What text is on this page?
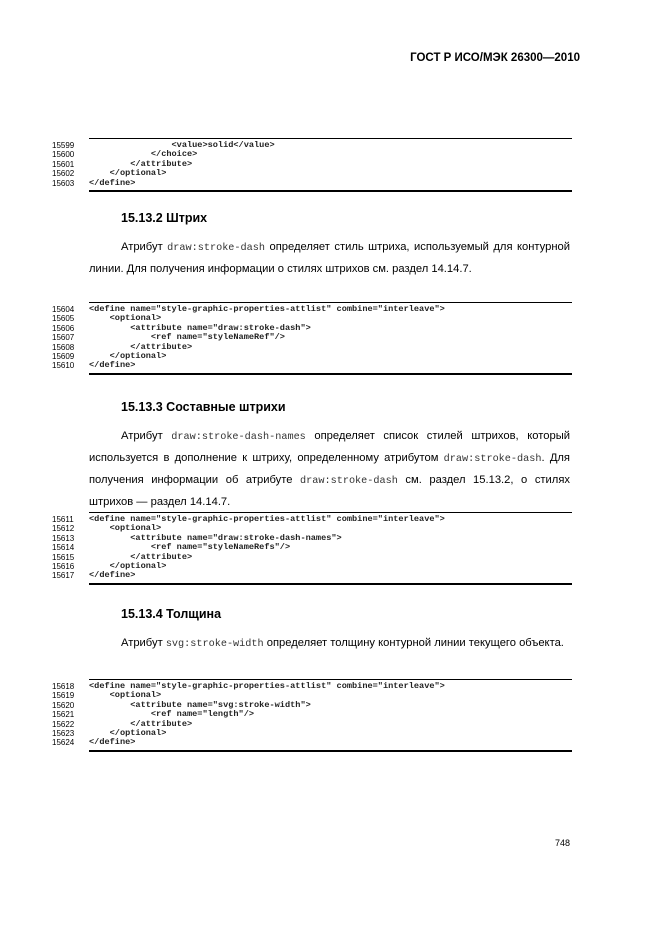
ГОСТ Р ИСО/МЭК 26300—2010
15599	<value>solid</value>
15600	</choice>
15601	</attribute>
15602	</optional>
15603	</define>
15.13.2 Штрих
Атрибут draw:stroke-dash определяет стиль штриха, используемый для контурной линии. Для получения информации о стилях штрихов см. раздел 14.14.7.
15604	<define name="style-graphic-properties-attlist" combine="interleave">
15605	<optional>
15606	<attribute name="draw:stroke-dash">
15607	<ref name="styleNameRef"/>
15608	</attribute>
15609	</optional>
15610	</define>
15.13.3 Составные штрихи
Атрибут draw:stroke-dash-names определяет список стилей штрихов, который используется в дополнение к штриху, определенному атрибутом draw:stroke-dash. Для получения информации об атрибуте draw:stroke-dash см. раздел 15.13.2, о стилях штрихов — раздел 14.14.7.
15611	<define name="style-graphic-properties-attlist" combine="interleave">
15612	<optional>
15613	<attribute name="draw:stroke-dash-names">
15614	<ref name="styleNameRefs"/>
15615	</attribute>
15616	</optional>
15617	</define>
15.13.4 Толщина
Атрибут svg:stroke-width определяет толщину контурной линии текущего объекта.
15618	<define name="style-graphic-properties-attlist" combine="interleave">
15619	<optional>
15620	<attribute name="svg:stroke-width">
15621	<ref name="length"/>
15622	</attribute>
15623	</optional>
15624	</define>
748
